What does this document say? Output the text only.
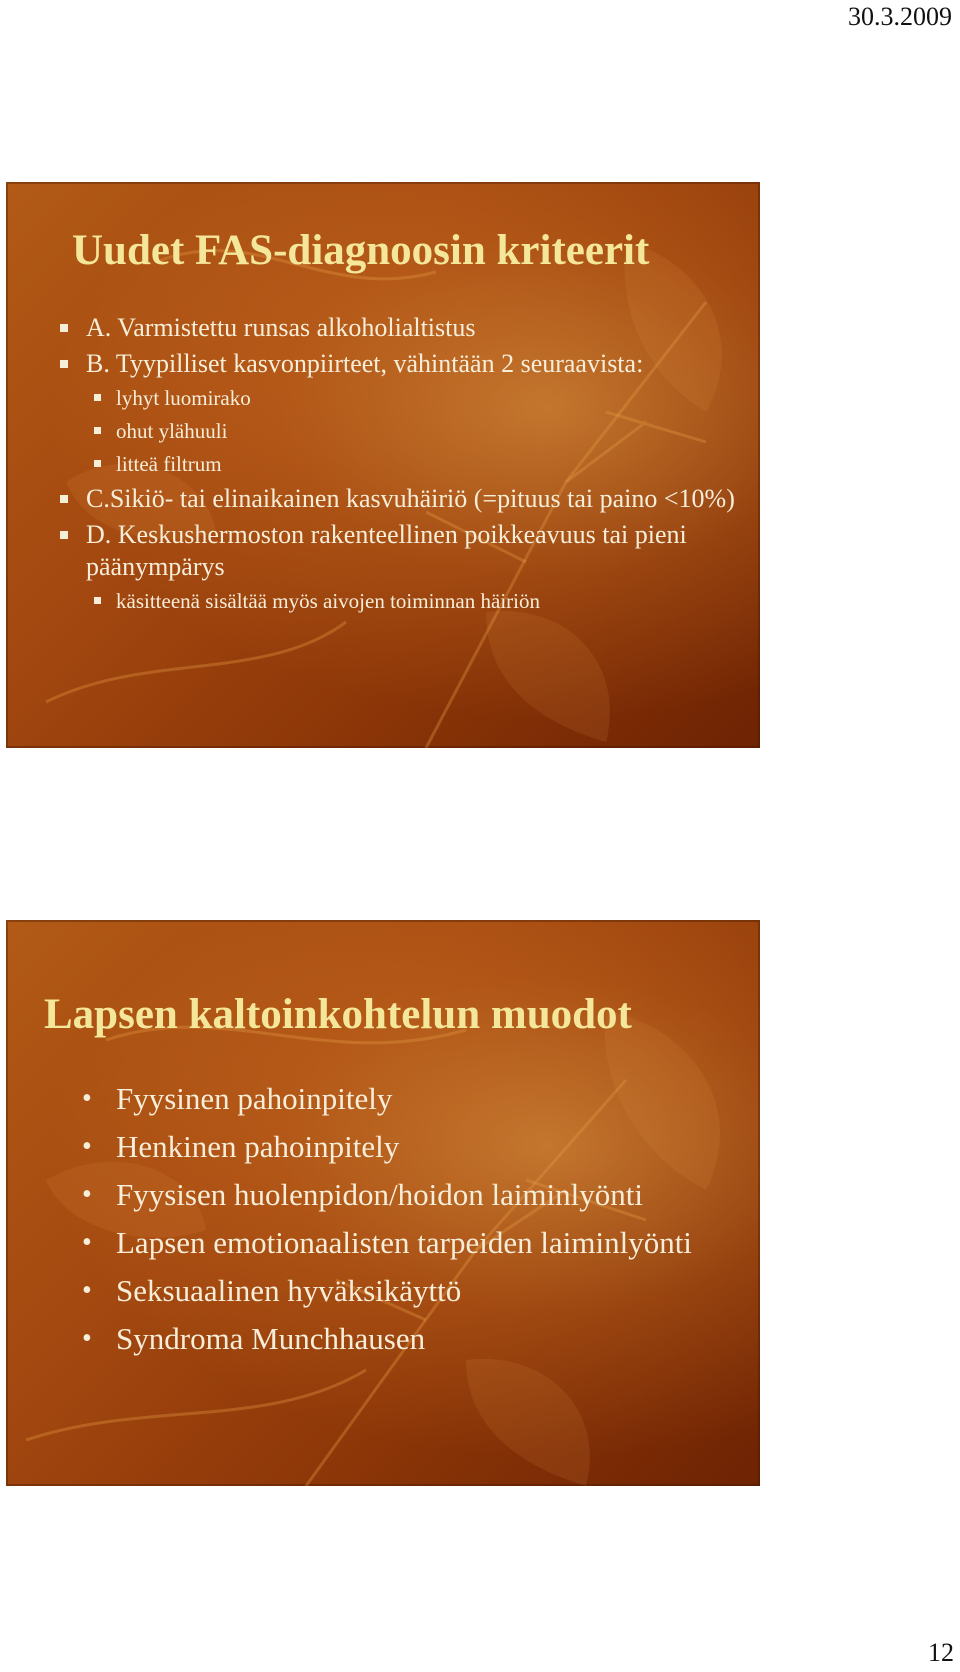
30.3.2009
Uudet FAS-diagnoosin kriteerit
A. Varmistettu runsas alkoholialtistus
B. Tyypilliset kasvonpiirteet, vähintään 2 seuraavista:
lyhyt luomirako
ohut ylähuuli
litteä filtrum
C.Sikiö- tai elinaikainen kasvuhäiriö (=pituus tai paino <10%)
D. Keskushermoston rakenteellinen poikkeavuus tai pieni päänympärys
käsitteenä sisältää myös aivojen toiminnan häiriön
Lapsen kaltoinkohtelun muodot
• Fyysinen pahoinpitely
• Henkinen pahoinpitely
• Fyysisen huolenpidon/hoidon laiminlyönti
• Lapsen emotionaalisten tarpeiden laiminlyönti
• Seksuaalinen hyväksikäyttö
• Syndroma Munchhausen
12
